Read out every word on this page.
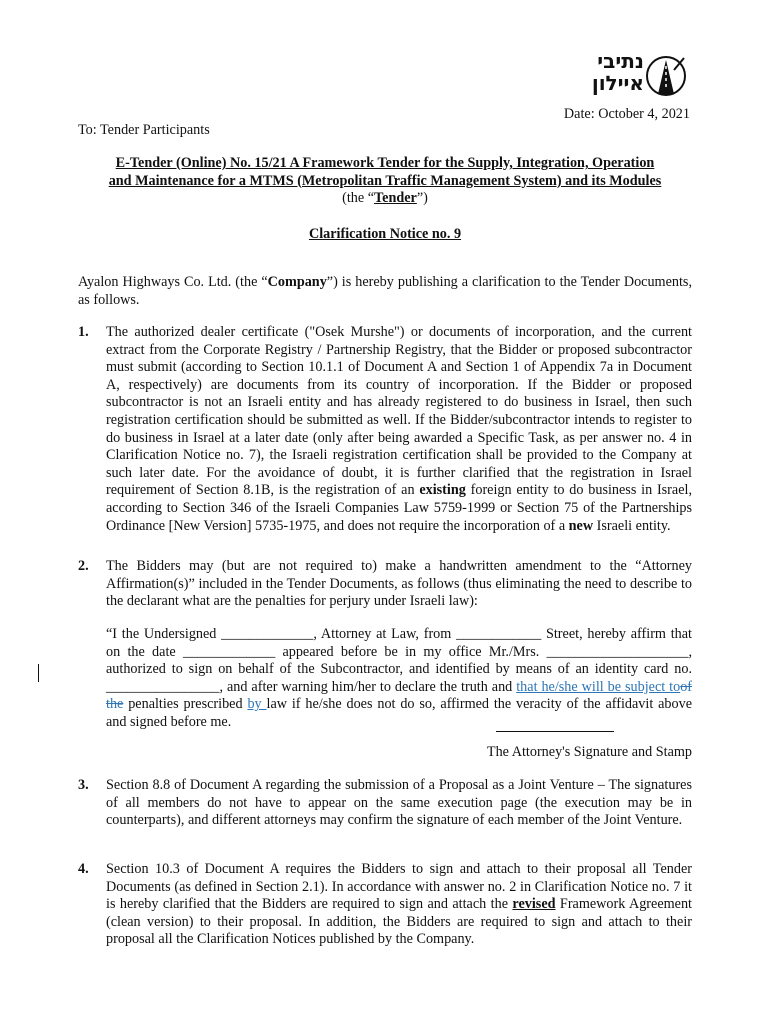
נתיבי
איילון
Date: October 4, 2021
To: Tender Participants
E-Tender (Online) No. 15/21 A Framework Tender for the Supply, Integration, Operation
and Maintenance for a MTMS (Metropolitan Traffic Management System) and its Modules
(the “Tender”)
Clarification Notice no. 9
Ayalon Highways Co. Ltd. (the “Company”) is hereby publishing a clarification to the Tender Documents, as follows.
1. The authorized dealer certificate ("Osek Murshe") or documents of incorporation, and the current extract from the Corporate Registry / Partnership Registry, that the Bidder or proposed subcontractor must submit (according to Section 10.1.1 of Document A and Section 1 of Appendix 7a in Document A, respectively) are documents from its country of incorporation. If the Bidder or proposed subcontractor is not an Israeli entity and has already registered to do business in Israel, then such registration certification should be submitted as well. If the Bidder/subcontractor intends to register to do business in Israel at a later date (only after being awarded a Specific Task, as per answer no. 4 in Clarification Notice no. 7), the Israeli registration certification shall be provided to the Company at such later date. For the avoidance of doubt, it is further clarified that the registration in Israel requirement of Section 8.1B, is the registration of an existing foreign entity to do business in Israel, according to Section 346 of the Israeli Companies Law 5759-1999 or Section 75 of the Partnerships Ordinance [New Version] 5735-1975, and does not require the incorporation of a new Israeli entity.
2. The Bidders may (but are not required to) make a handwritten amendment to the “Attorney Affirmation(s)” included in the Tender Documents, as follows (thus eliminating the need to describe to the declarant what are the penalties for perjury under Israeli law):
“I the Undersigned _____________, Attorney at Law, from ____________ Street, hereby affirm that on the date _____________ appeared before be in my office Mr./Mrs. ____________________, authorized to sign on behalf of the Subcontractor, and identified by means of an identity card no. ________________, and after warning him/her to declare the truth and that he/she will be subject toof the penalties prescribed by law if he/she does not do so, affirmed the veracity of the affidavit above and signed before me.
The Attorney's Signature and Stamp
3. Section 8.8 of Document A regarding the submission of a Proposal as a Joint Venture – The signatures of all members do not have to appear on the same execution page (the execution may be in counterparts), and different attorneys may confirm the signature of each member of the Joint Venture.
4. Section 10.3 of Document A requires the Bidders to sign and attach to their proposal all Tender Documents (as defined in Section 2.1). In accordance with answer no. 2 in Clarification Notice no. 7 it is hereby clarified that the Bidders are required to sign and attach the revised Framework Agreement (clean version) to their proposal. In addition, the Bidders are required to sign and attach to their proposal all the Clarification Notices published by the Company.
